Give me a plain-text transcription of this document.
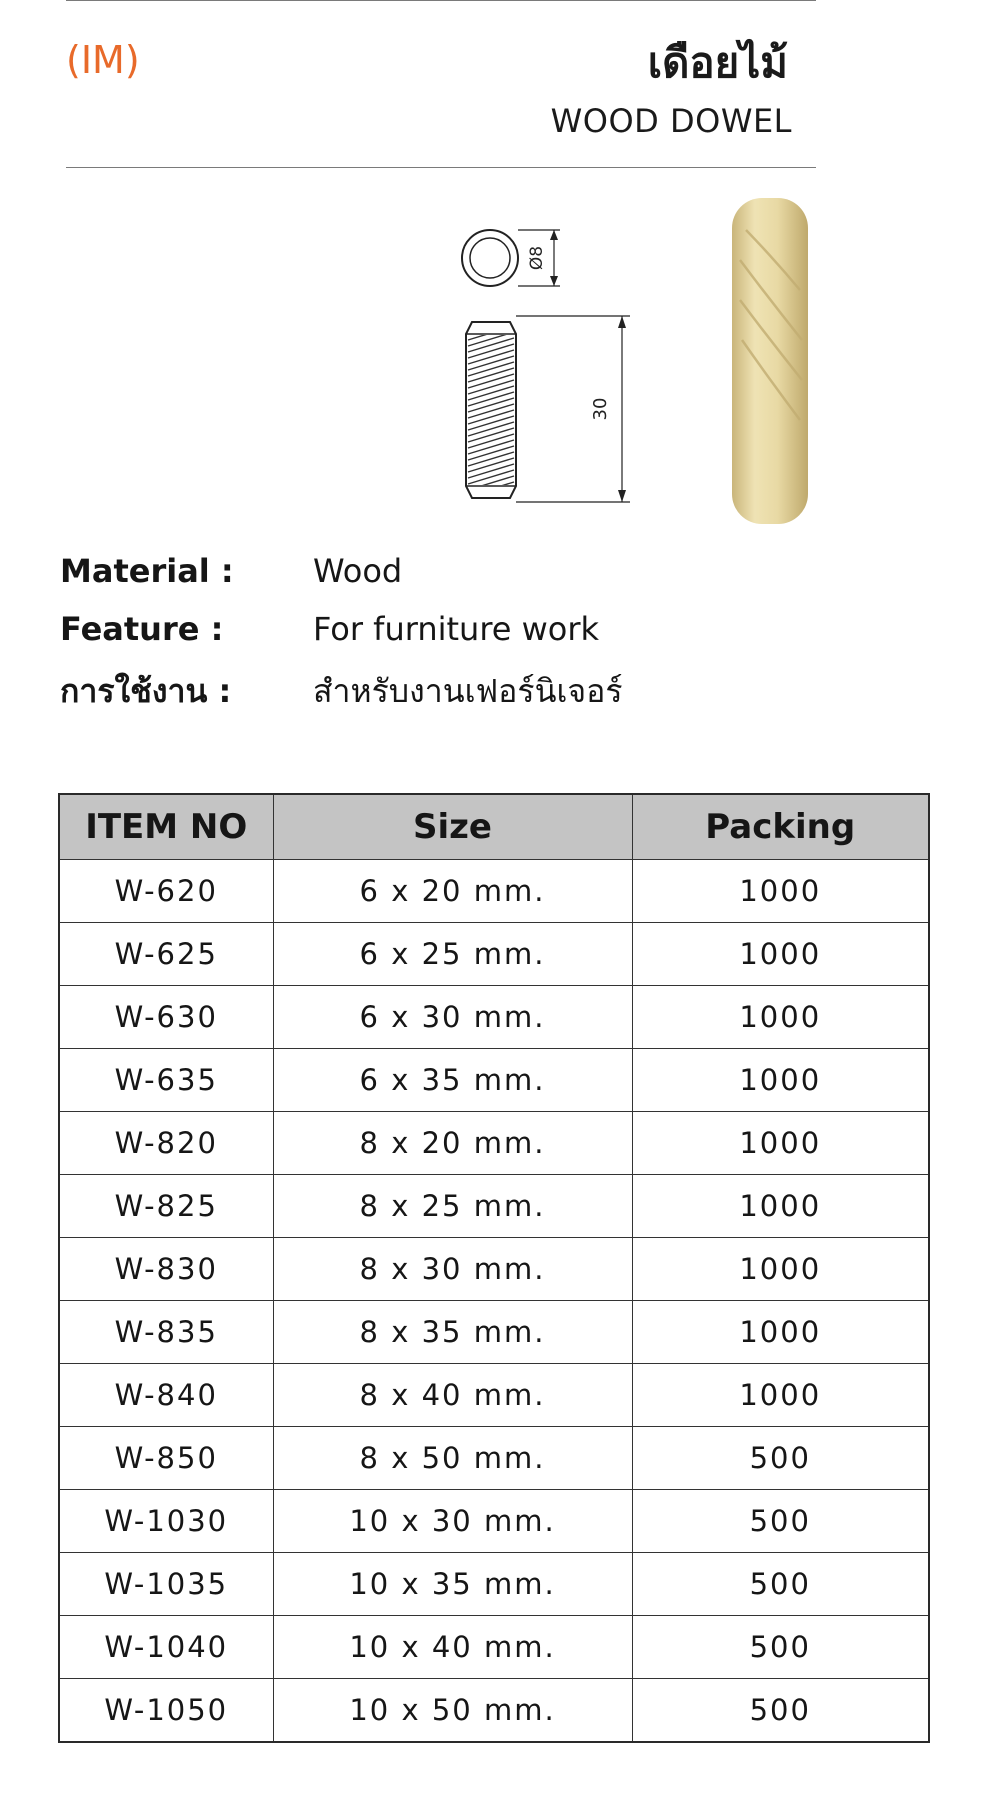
(IM)	เดือยไม้
WOOD DOWEL
Ø8
30
Material : Wood
Feature :	For furniture work
การใช้งาน :	สำหรับงานเฟอร์นิเจอร์
ITEM NO	Size	Packing
W-620	6 x 20 mm.	1000
W-625	6 x 25 mm.	1000
W-630	6 x 30 mm.	1000
W-635	6 x 35 mm.	1000
W-820	8 x 20 mm.	1000
W-825	8 x 25 mm.	1000
W-830	8 x 30 mm.	1000
W-835	8 x 35 mm.	1000
W-840	8 x 40 mm.	1000
W-850	8 x 50 mm.	500
W-1030	10 x 30 mm.	500
W-1035	10 x 35 mm.	500
W-1040	10 x 40 mm.	500
W-1050	10 x 50 mm.	500
